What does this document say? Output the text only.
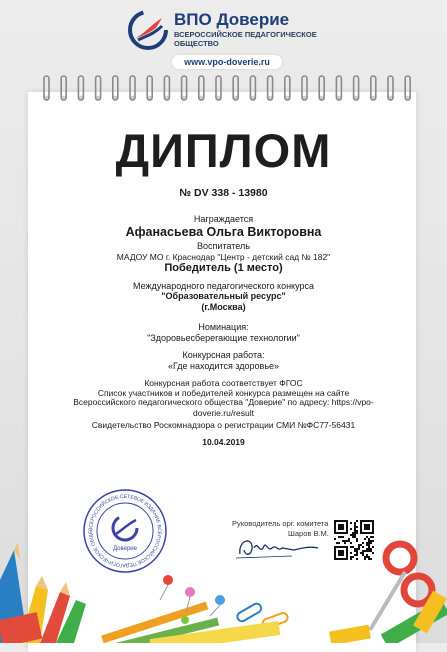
ВПО Доверие
ВСЕРОССИЙСКОЕ ПЕДАГОГИЧЕСКОЕ ОБЩЕСТВО
www.vpo-doverie.ru
ДИПЛОМ
№ DV 338 - 13980
Награждается
Афанасьева Ольга Викторовна
Воспитатель
МАДОУ МО г. Краснодар "Центр - детский сад № 182"
Победитель (1 место)
Международного педагогического конкурса
"Образовательный ресурс"
(г.Москва)
Номинация:
"Здоровьесберегающие технологии"
Конкурсная работа:
«Где находится здоровье»
Конкурсная работа соответствует ФГОС
Список участников и победителей конкурса размещен на сайте
Всероссийского педагогического общества "Доверие" по адресу: https://vpo-doverie.ru/result
Свидетельство Роскомнадзора о регистрации СМИ №ФС77-56431
10.04.2019
ВСЕРОССИЙСКОЕ СЕТЕВОЕ ИЗДАНИЕ ВСЕРОССИЙСКОЕ ПЕДАГОГИЧЕСКОЕ ОБЩЕ
Доверие
Руководитель орг. комитета
Шаров В.М.
